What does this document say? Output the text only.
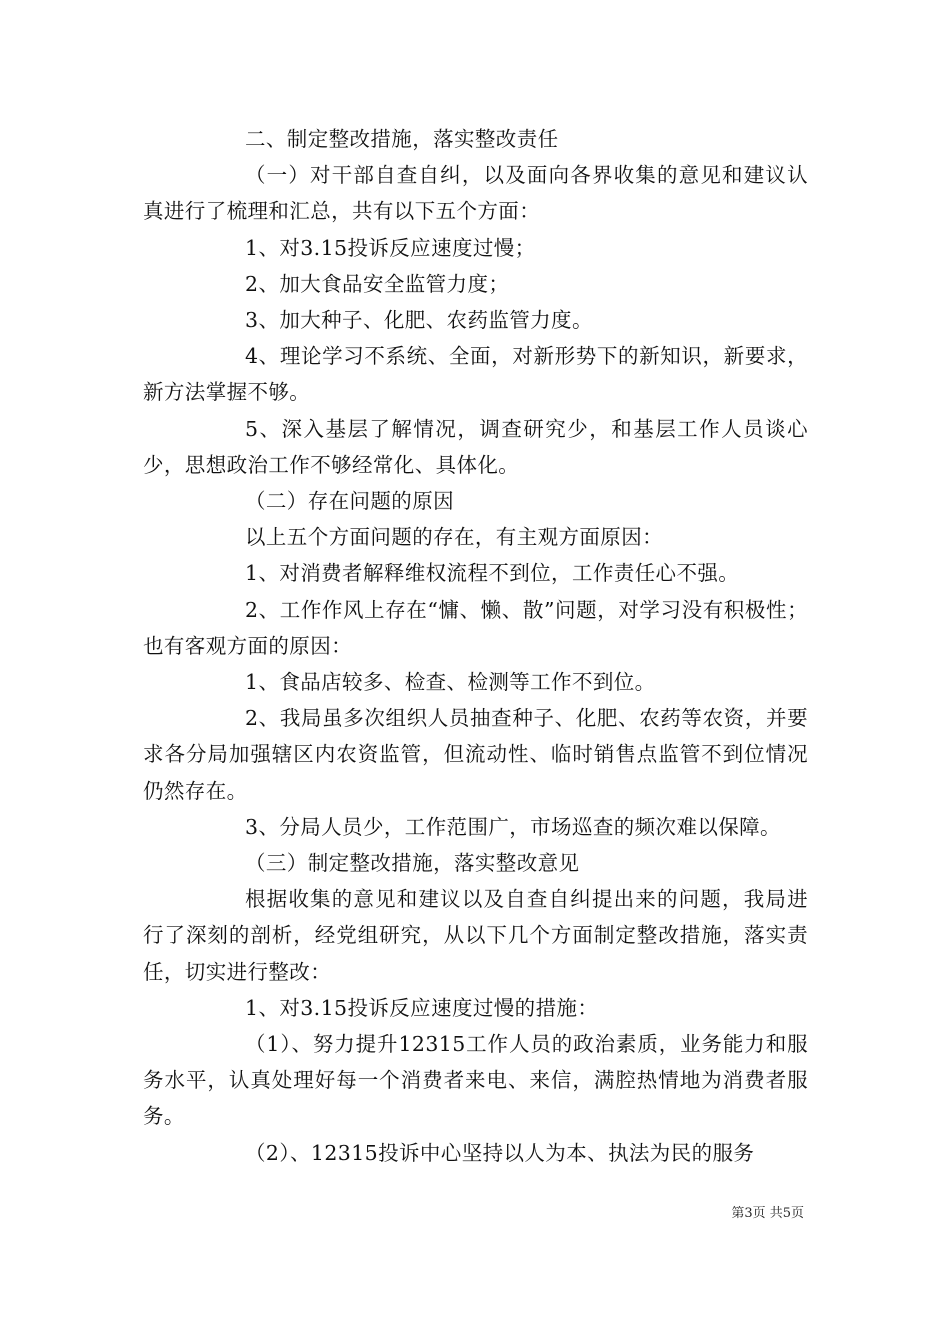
二、制定整改措施，落实整改责任

（一）对干部自查自纠，以及面向各界收集的意见和建议认真进行了梳理和汇总，共有以下五个方面：

1、对3.15投诉反应速度过慢；

2、加大食品安全监管力度；

3、加大种子、化肥、农药监管力度。

4、理论学习不系统、全面，对新形势下的新知识，新要求，新方法掌握不够。

5、深入基层了解情况，调查研究少，和基层工作人员谈心少，思想政治工作不够经常化、具体化。

（二）存在问题的原因

以上五个方面问题的存在，有主观方面原因：

1、对消费者解释维权流程不到位，工作责任心不强。

2、工作作风上存在“慵、懒、散”问题，对学习没有积极性；也有客观方面的原因：

1、食品店较多、检查、检测等工作不到位。

2、我局虽多次组织人员抽查种子、化肥、农药等农资，并要求各分局加强辖区内农资监管，但流动性、临时销售点监管不到位情况仍然存在。

3、分局人员少，工作范围广，市场巡查的频次难以保障。

（三）制定整改措施，落实整改意见

根据收集的意见和建议以及自查自纠提出来的问题，我局进行了深刻的剖析，经党组研究，从以下几个方面制定整改措施，落实责任，切实进行整改：

1、对3.15投诉反应速度过慢的措施：

（1）、努力提升12315工作人员的政治素质，业务能力和服务水平，认真处理好每一个消费者来电、来信，满腔热情地为消费者服务。

（2）、12315投诉中心坚持以人为本、执法为民的服务

第3页 共5页
